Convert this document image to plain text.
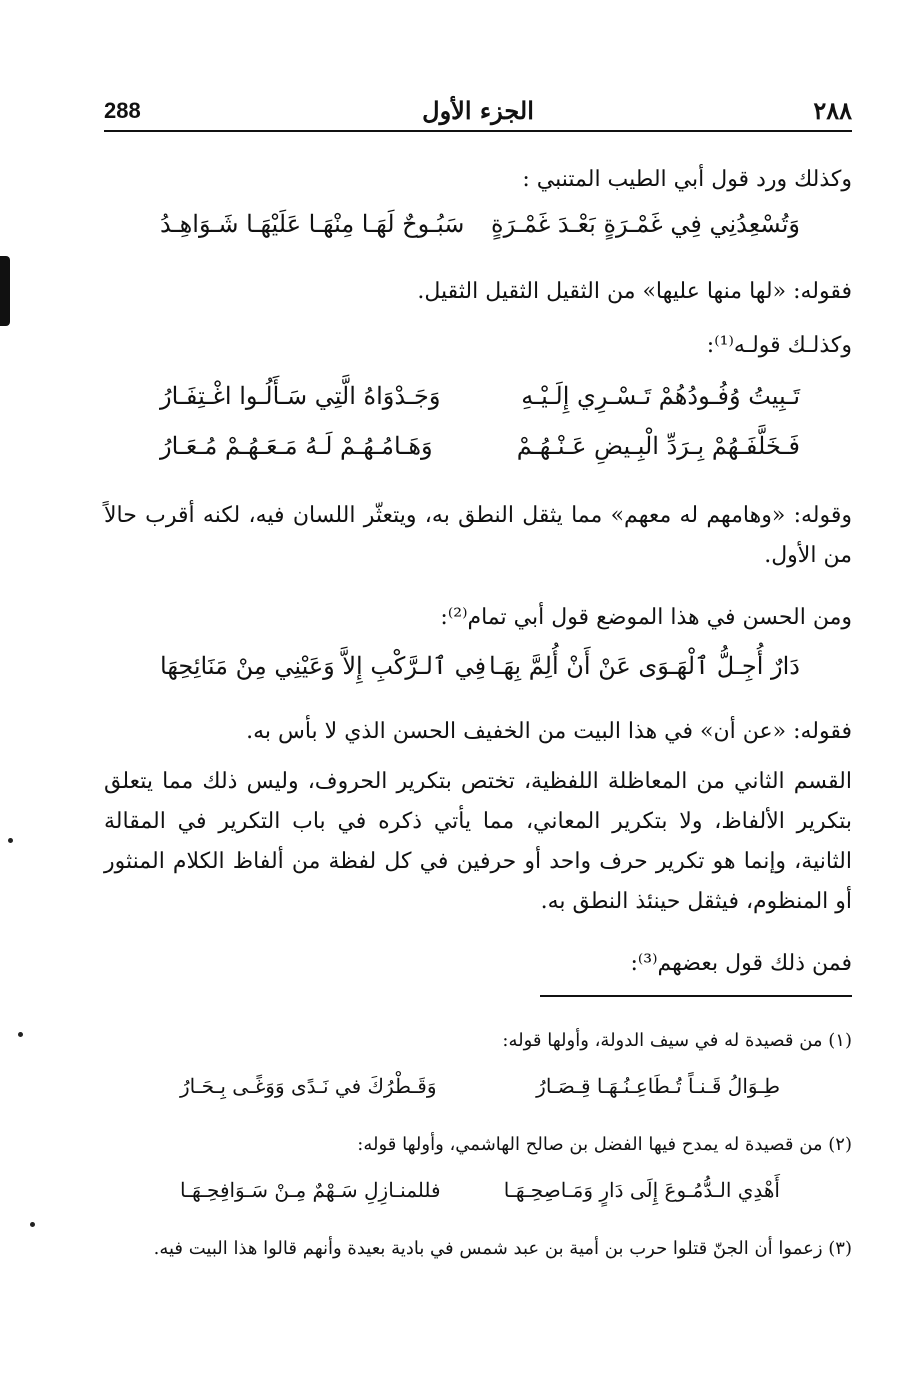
288	الجزء الأول	٢٨٨
وكذلك ورد قول أبي الطيب المتنبي :
وَتُسْعِدُنِي فِي غَمْـرَةٍ بَعْـدَ غَمْـرَةٍ
سَبُـوحٌ لَهَـا مِنْهَـا عَلَيْهَـا شَـوَاهِـدُ
فقوله: «لها منها عليها» من الثقيل الثقيل الثقيل.
وكذلـك قولـه⁽¹⁾:
تَـبِيتُ وُفُـودُهُمْ تَـسْـرِي إِلَـيْـهِ
وَجَـدْوَاهُ الَّتِي سَـأَلُـوا اغْـتِفَـارُ
فَـخَلَّفَـهُمْ بِـرَدِّ الْبِـيضِ عَـنْـهُـمْ
وَهَـامُـهُـمْ لَـهُ مَـعَـهُـمْ مُـعَـارُ
وقوله: «وهامهم له معهم» مما يثقل النطق به، ويتعثّر اللسان فيه، لكنه أقرب حالاً من الأول.
ومن الحسن في هذا الموضع قول أبي تمام⁽²⁾:
دَارٌ أُجِـلُّ ٱلْهَـوَى عَنْ أَنْ أُلِمَّ بِهَـا
فِي ٱلـرَّكْبِ إِلاَّ وَعَيْنِي مِنْ مَنَائِحِهَا
فقوله: «عن أن» في هذا البيت من الخفيف الحسن الذي لا بأس به.
القسم الثاني من المعاظلة اللفظية، تختص بتكرير الحروف، وليس ذلك مما يتعلق بتكرير الألفاظ، ولا بتكرير المعاني، مما يأتي ذكره في باب التكرير في المقالة الثانية، وإنما هو تكرير حرف واحد أو حرفين في كل لفظة من ألفاظ الكلام المنثور أو المنظوم، فيثقل حينئذ النطق به.
فمن ذلك قول بعضهم⁽³⁾:
(١) من قصيدة له في سيف الدولة، وأولها قوله:
طِـوَالُ قَـنـاً تُـطَاعِـنُـهَـا قِـصَـارُ
وَقَـطْرُكَ في نَـدًى وَوَغًـى بِـحَـارُ
(٢) من قصيدة له يمدح فيها الفضل بن صالح الهاشمي، وأولها قوله:
أَهْدِي الـدُّمُـوعَ إِلَى دَارٍ وَمَـاصِحِـهَـا
فللمنـازِلِ سَـهْمٌ مِـنْ سَـوَافِحِـهَـا
(٣) زعموا أن الجنّ قتلوا حرب بن أمية بن عبد شمس في بادية بعيدة وأنهم قالوا هذا البيت فيه.
